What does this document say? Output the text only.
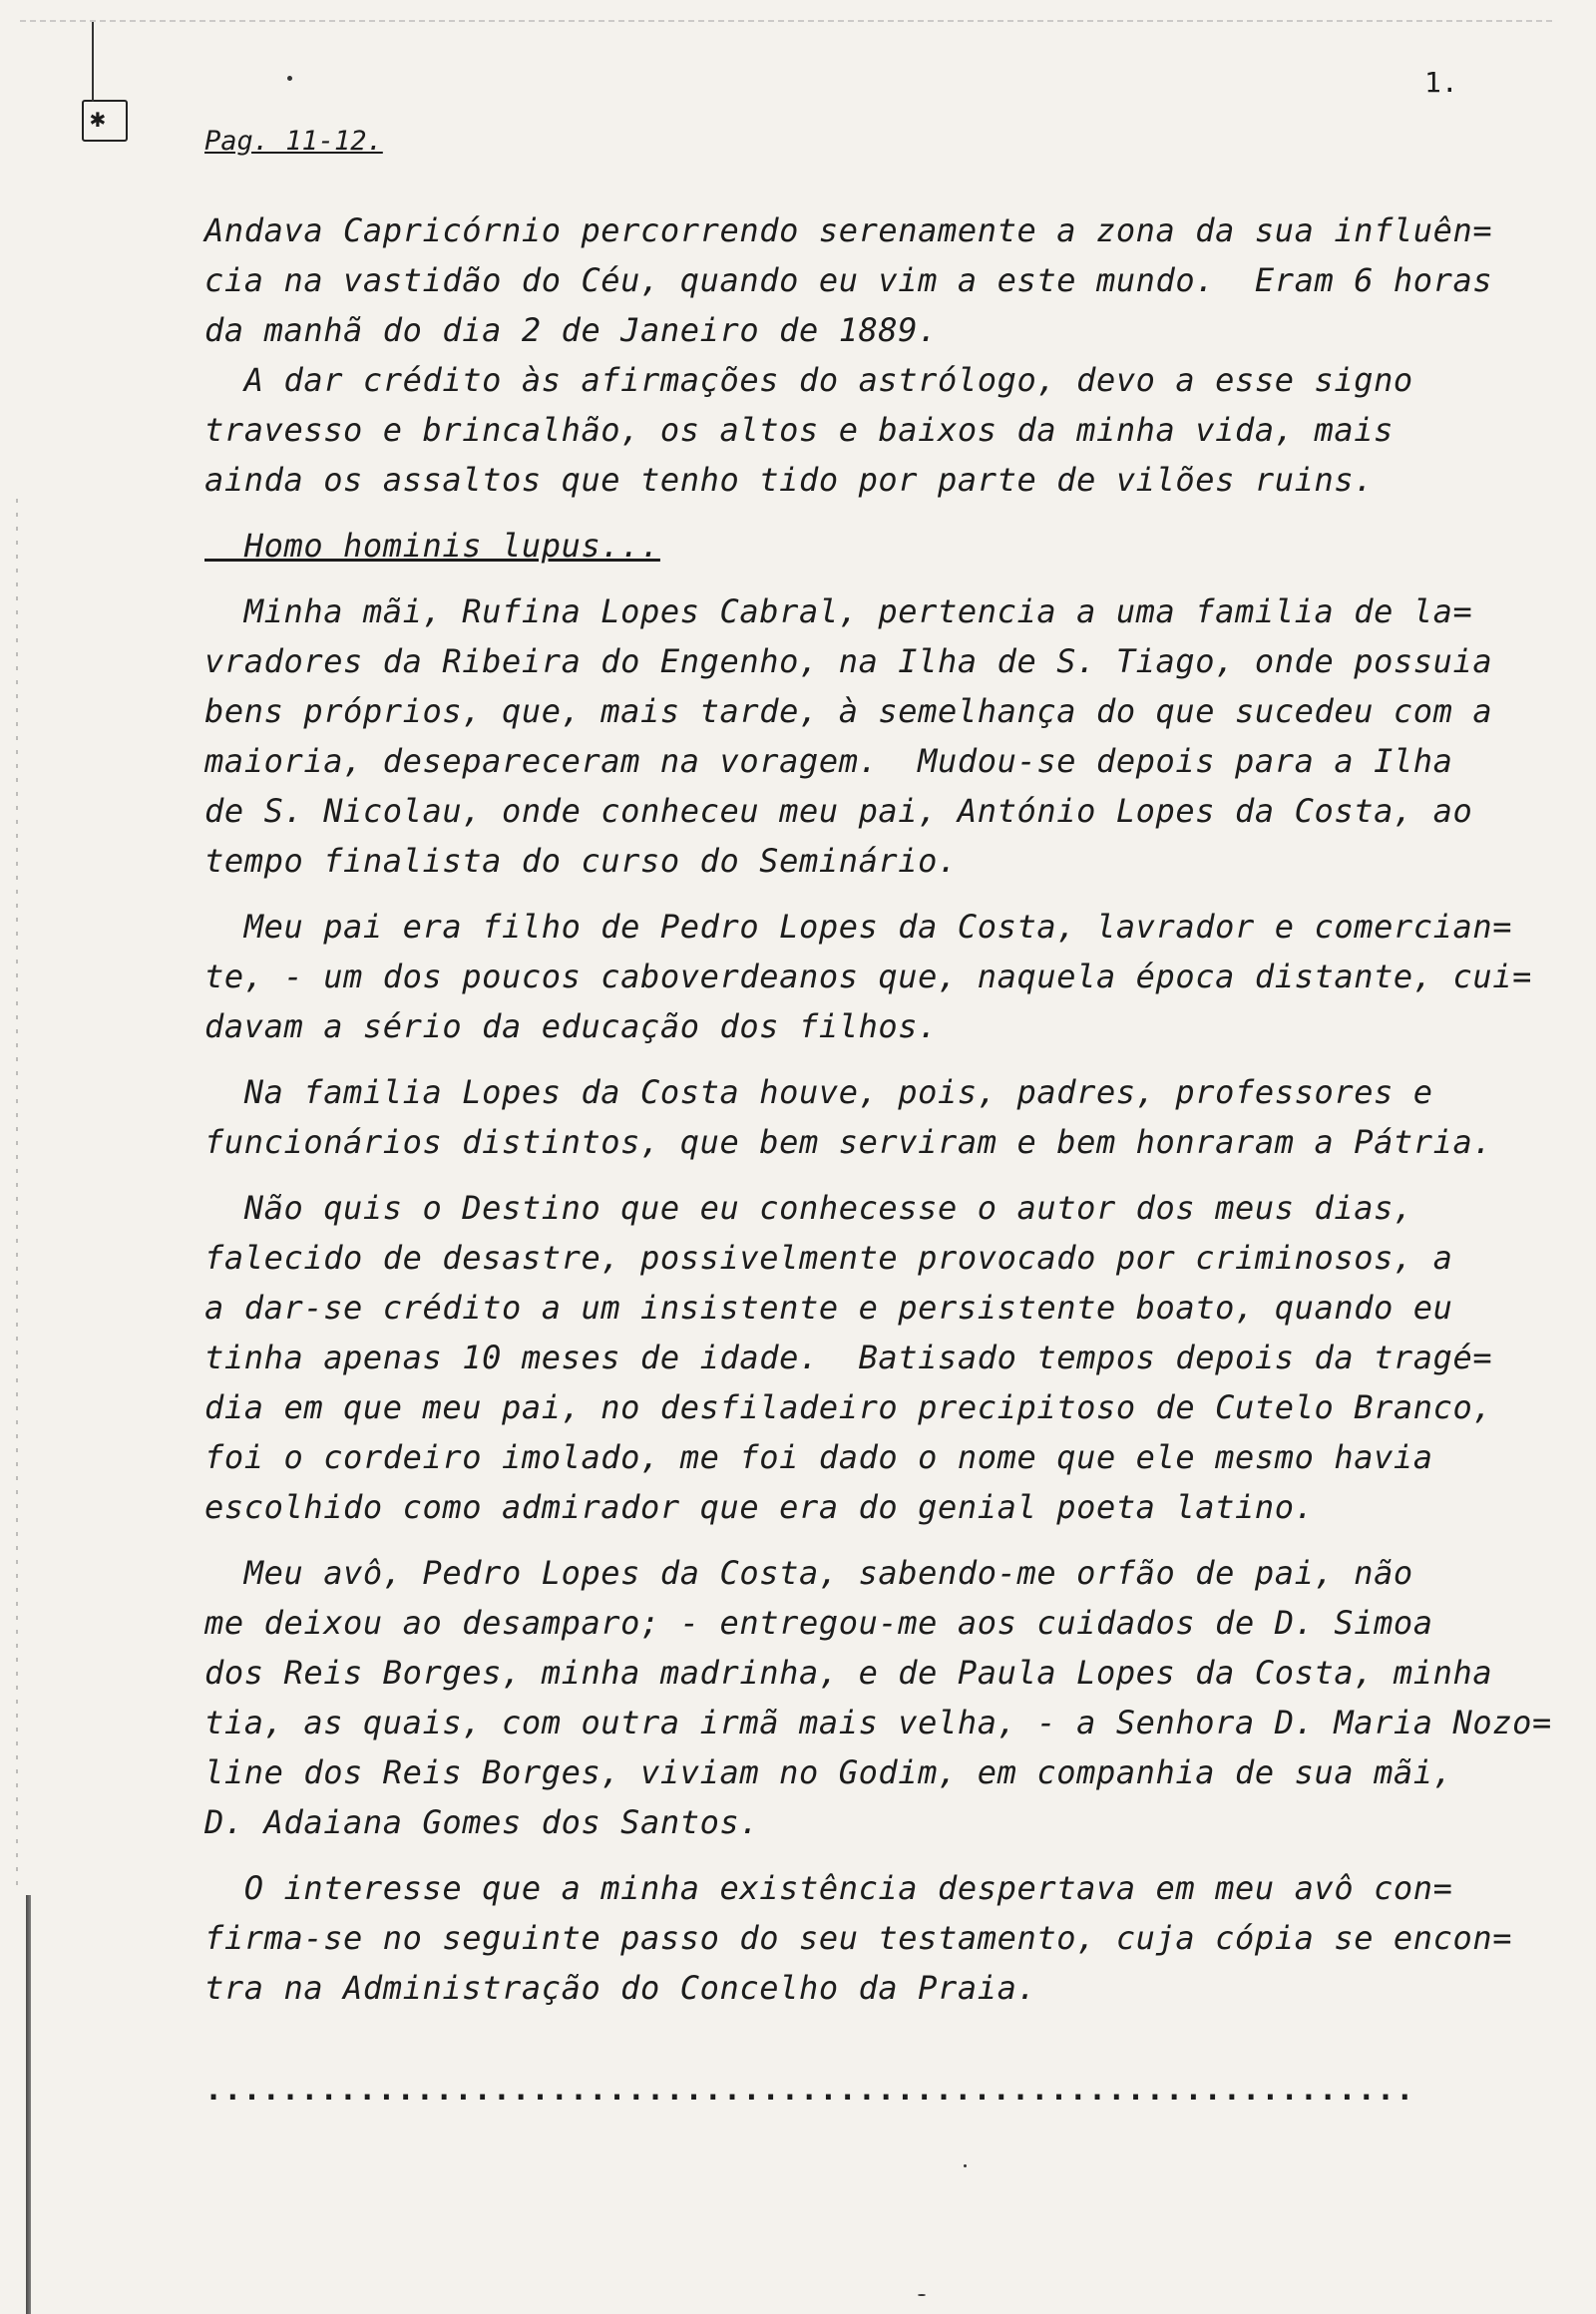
✱
1.
Pag. 11-12.
Andava Capricórnio percorrendo serenamente a zona da sua influên=
cia na vastidão do Céu, quando eu vim a este mundo.  Eram 6 horas
da manhã do dia 2 de Janeiro de 1889.
A dar crédito às afirmações do astrólogo, devo a esse signo
travesso e brincalhão, os altos e baixos da minha vida, mais
ainda os assaltos que tenho tido por parte de vilões ruins.
Homo hominis lupus...
Minha mãi, Rufina Lopes Cabral, pertencia a uma familia de la=
vradores da Ribeira do Engenho, na Ilha de S. Tiago, onde possuia
bens próprios, que, mais tarde, à semelhança do que sucedeu com a
maioria, desepareceram na voragem.  Mudou-se depois para a Ilha
de S. Nicolau, onde conheceu meu pai, António Lopes da Costa, ao
tempo finalista do curso do Seminário.
Meu pai era filho de Pedro Lopes da Costa, lavrador e comercian=
te, - um dos poucos caboverdeanos que, naquela época distante, cui=
davam a sério da educação dos filhos.
Na familia Lopes da Costa houve, pois, padres, professores e
funcionários distintos, que bem serviram e bem honraram a Pátria.
Não quis o Destino que eu conhecesse o autor dos meus dias,
falecido de desastre, possivelmente provocado por criminosos, a
a dar-se crédito a um insistente e persistente boato, quando eu
tinha apenas 10 meses de idade.  Batisado tempos depois da tragé=
dia em que meu pai, no desfiladeiro precipitoso de Cutelo Branco,
foi o cordeiro imolado, me foi dado o nome que ele mesmo havia
escolhido como admirador que era do genial poeta latino.
Meu avô, Pedro Lopes da Costa, sabendo-me orfão de pai, não
me deixou ao desamparo; - entregou-me aos cuidados de D. Simoa
dos Reis Borges, minha madrinha, e de Paula Lopes da Costa, minha
tia, as quais, com outra irmã mais velha, - a Senhora D. Maria Nozo=
line dos Reis Borges, viviam no Godim, em companhia de sua mãi,
D. Adaiana Gomes dos Santos.
O interesse que a minha existência despertava em meu avô con=
firma-se no seguinte passo do seu testamento, cuja cópia se encon=
tra na Administração do Concelho da Praia.
...............................................................
